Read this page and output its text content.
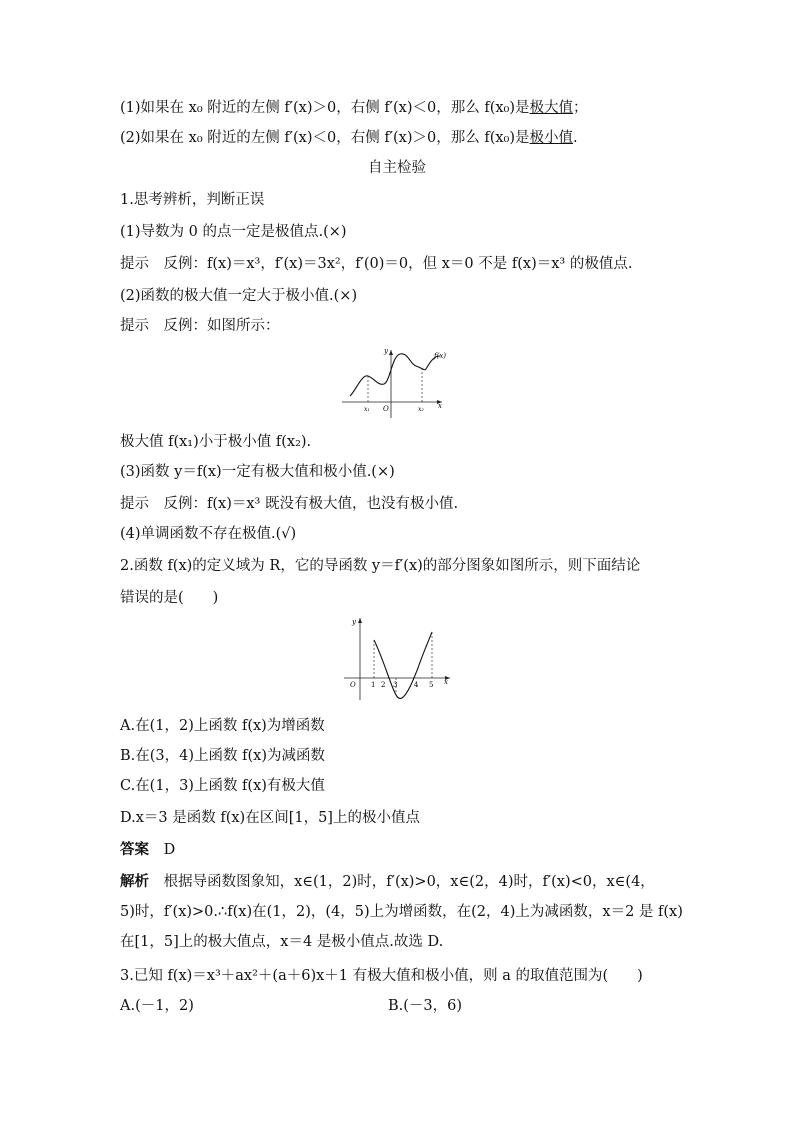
(1)如果在 x₀ 附近的左侧 f′(x)＞0，右侧 f′(x)＜0，那么 f(x₀)是极大值；
(2)如果在 x₀ 附近的左侧 f′(x)＜0，右侧 f′(x)＞0，那么 f(x₀)是极小值.
自主检验
1.思考辨析，判断正误
(1)导数为 0 的点一定是极值点.(×)
提示　反例：f(x)＝x³，f′(x)＝3x²，f′(0)＝0，但 x＝0 不是 f(x)＝x³ 的极值点.
(2)函数的极大值一定大于极小值.(×)
提示　反例：如图所示：
y
f(x)
x₁ O	x₂ x
极大值 f(x₁)小于极小值 f(x₂).
(3)函数 y＝f(x)一定有极大值和极小值.(×)
提示　反例：f(x)＝x³ 既没有极大值，也没有极小值.
(4)单调函数不存在极值.(√)
2.函数 f(x)的定义域为 R，它的导函数 y＝f′(x)的部分图象如图所示，则下面结论
错误的是(　　)
y
O 1 2 3 4 5 x
A.在(1，2)上函数 f(x)为增函数
B.在(3，4)上函数 f(x)为减函数
C.在(1，3)上函数 f(x)有极大值
D.x＝3 是函数 f(x)在区间[1，5]上的极小值点
答案 D
解析 根据导函数图象知，x∈(1，2)时，f′(x)>0，x∈(2，4)时，f′(x)<0，x∈(4，
5)时，f′(x)>0.∴f(x)在(1，2)，(4，5)上为增函数，在(2，4)上为减函数，x＝2 是 f(x)
在[1，5]上的极大值点，x＝4 是极小值点.故选 D.
3.已知 f(x)＝x³＋ax²＋(a＋6)x＋1 有极大值和极小值，则 a 的取值范围为(　　)
A.(－1，2)	B.(－3，6)
